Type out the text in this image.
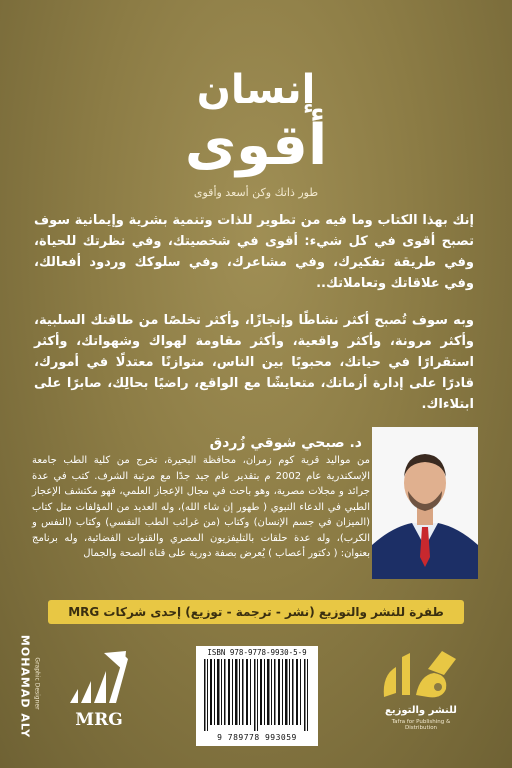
إنسان
أقوى
طور ذاتك وكن أسعد وأقوى
إنك بهذا الكتاب وما فيه من تطوير للذات وتنمية بشرية وإيمانية سوف تصبح أقوى في كل شيء: أقوى في شخصيتك، وفي نظرتك للحياة، وفي طريقة تفكيرك، وفي مشاعرك، وفي سلوكك وردود أفعالك، وفي علاقاتك وتعاملاتك..
وبه سوف تُصبح أكثر نشاطًا وإنجازًا، وأكثر تخلصًا من طاقتك السلبية، وأكثر مرونة، وأكثر واقعية، وأكثر مقاومة لهواك وشهواتك، وأكثر استقرارًا في حياتك، محبوبًا بين الناس، متوازنًا معتدلًا في أمورك، قادرًا على إدارة أزماتك، متعايشًا مع الواقع، راضيًا بحالِك، صابرًا على ابتلاءاك.
د. صبحي شوقي زُردق
من مواليد قرية كوم زمران، محافظة البحيرة، تخرج من كلية الطب جامعة الإسكندرية عام 2002 م بتقدير عام جيد جدًا مع مرتبة الشرف. كتب في عدة جرائد و مجلات مصرية، وهو باحث في مجال الإعجاز العلمي، فهو مكتشف الإعجاز الطبي في الدعاء النبوي ( طهور إن شاء الله)، وله العديد من المؤلفات مثل كتاب (الميزان في جسم الإنسان) وكتاب (من غرائب الطب النفسي) وكتاب (النفس و الكرب)، وله عدة حلقات بالتليفزيون المصري والقنوات الفضائية، وله برنامج بعنوان: ( دكتور أعصاب ) يُعرض بصفة دورية على قناة الصحة والجمال
طفرة للنشر والتوزيع (نشر - ترجمة - توزيع) إحدى شركات MRG
ISBN 978-9778-9930-5-9
9 789778 993059
MRG	للنشر والتوزيع
Tafra for Publishing & Distribution
MOHAMAD ALY Graphic Designer
